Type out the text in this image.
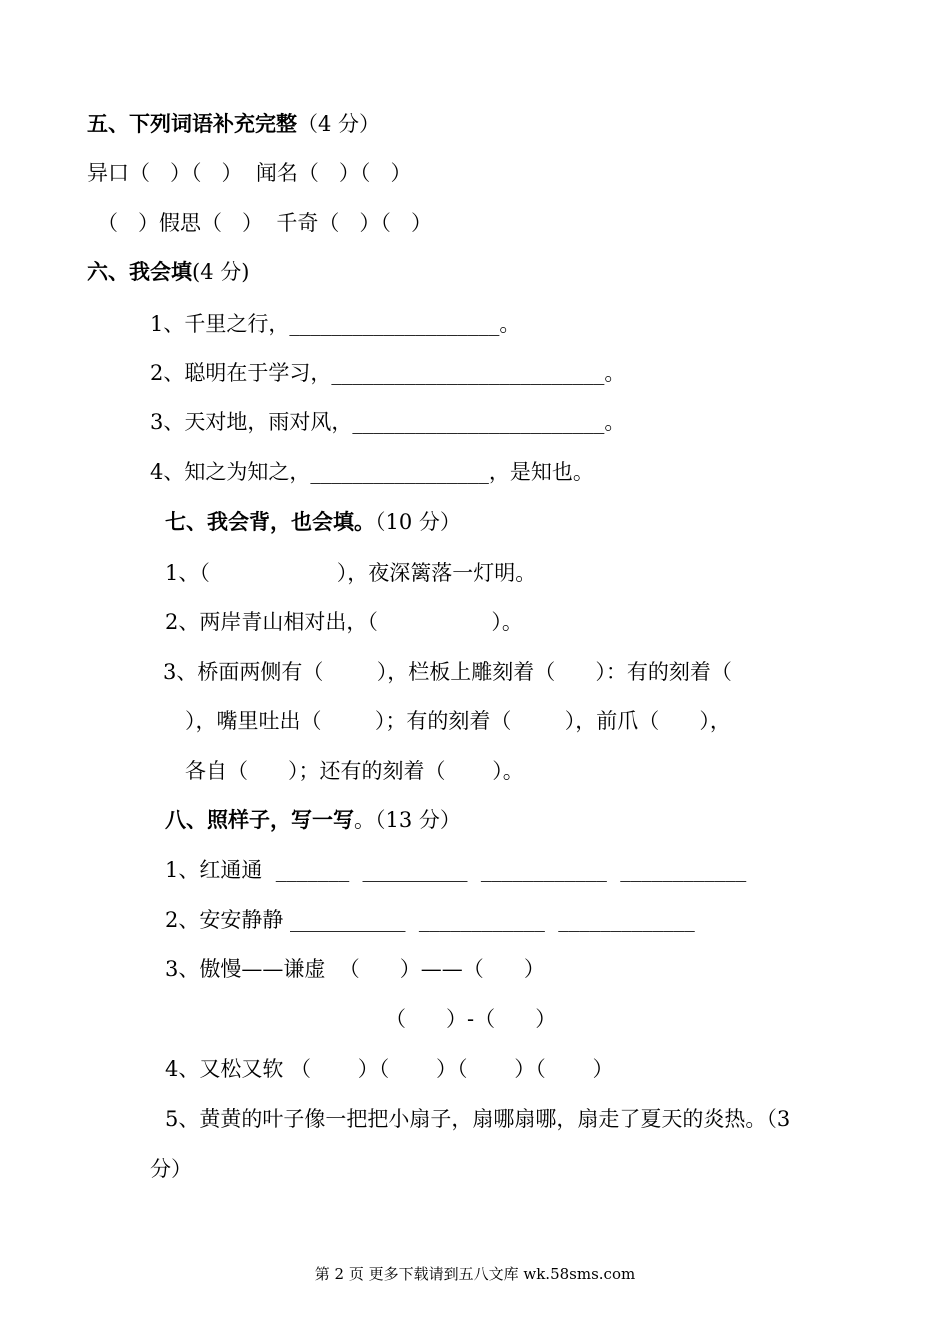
五、下列词语补充完整（4 分）
异口（   ）（   ）  闻名（   ）（   ）
（   ）假思（   ）  千奇（   ）（   ）
六、我会填(4 分)
1、千里之行，____________________。
2、聪明在于学习，__________________________。
3、天对地，雨对风，________________________。
4、知之为知之，_________________，是知也。
七、我会背，也会填。（10 分）
1、（                   ），夜深篱落一灯明。
2、两岸青山相对出，（                 ）。
3、桥面两侧有（        ），栏板上雕刻着（      ）：有的刻着（
），嘴里吐出（        ）；有的刻着（        ），前爪（      ），
各自（      ）；还有的刻着（       ）。
八、照样子，写一写。（13 分）
1、红通通  _______  __________  ____________  ____________
2、安安静静 ___________  ____________  _____________
3、傲慢——谦虚  （      ）——（      ）
（      ）-（      ）
4、又松又软 （       ）（       ）（       ）（       ）
5、黄黄的叶子像一把把小扇子，扇哪扇哪，扇走了夏天的炎热。（3
分）
第 2 页 更多下载请到五八文库 wk.58sms.com
